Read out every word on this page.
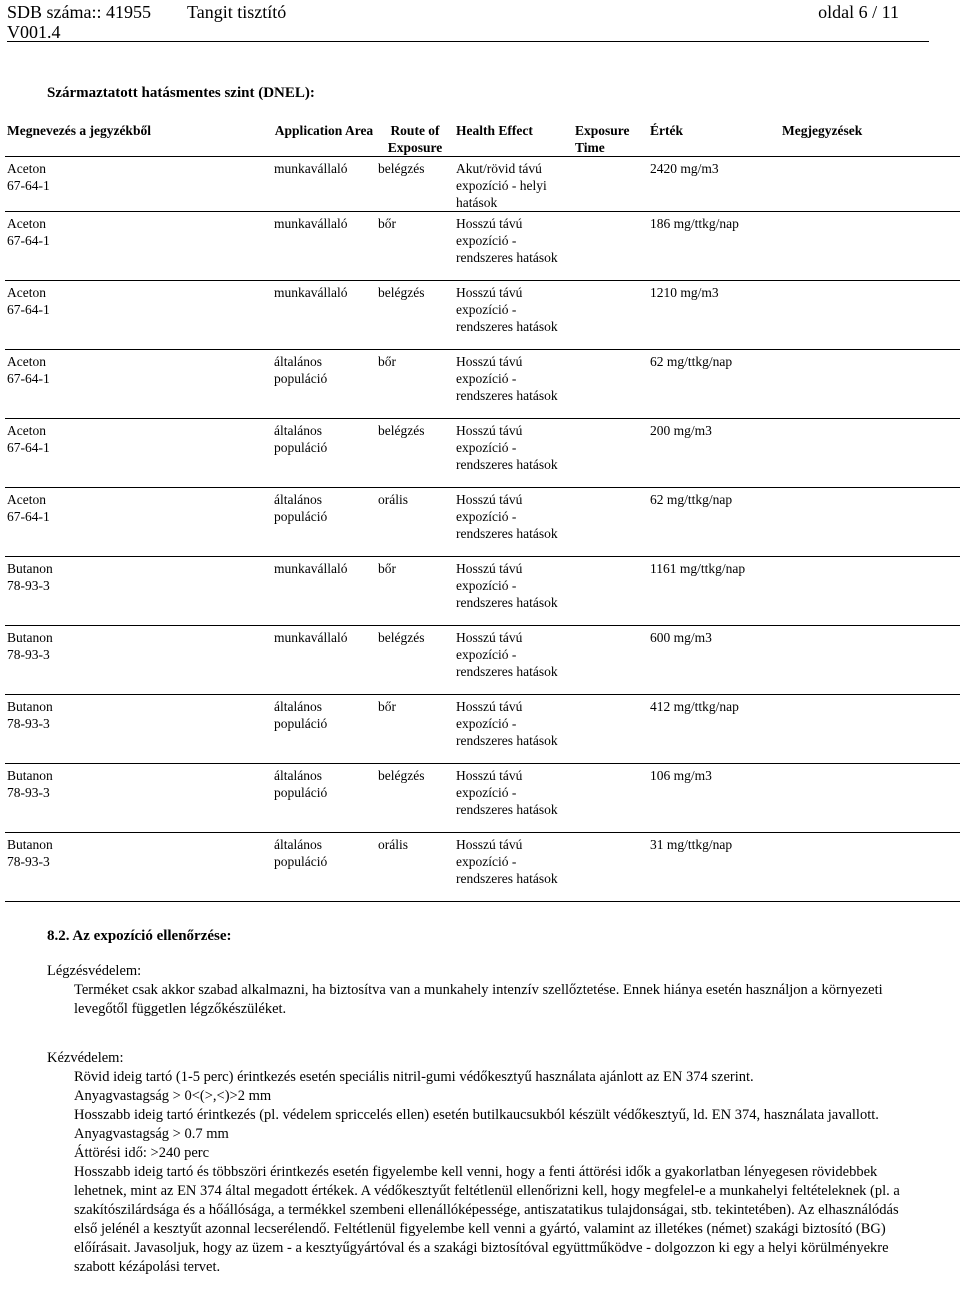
SDB száma:: 41955 Tangit tisztító	oldal 6 / 11
V001.4
Származtatott hatásmentes szint (DNEL):
Megnevezés a jegyzékből	Application Area	Route of Exposure	Health Effect	Exposure Time	Érték	Megjegyzések

Aceton
67-64-1	munkavállaló	belégzés	Akut/rövid távú expozíció - helyi hatások		2420 mg/m3	

Aceton
67-64-1	munkavállaló	bőr	Hosszú távú expozíció - rendszeres hatások		186 mg/ttkg/nap	

Aceton
67-64-1	munkavállaló	belégzés	Hosszú távú expozíció - rendszeres hatások		1210 mg/m3	

Aceton
67-64-1	általános populáció	bőr	Hosszú távú expozíció - rendszeres hatások		62 mg/ttkg/nap	

Aceton
67-64-1	általános populáció	belégzés	Hosszú távú expozíció - rendszeres hatások		200 mg/m3	

Aceton
67-64-1	általános populáció	orális	Hosszú távú expozíció - rendszeres hatások		62 mg/ttkg/nap	

Butanon
78-93-3	munkavállaló	bőr	Hosszú távú expozíció - rendszeres hatások		1161 mg/ttkg/nap	

Butanon
78-93-3	munkavállaló	belégzés	Hosszú távú expozíció - rendszeres hatások		600 mg/m3	

Butanon
78-93-3	általános populáció	bőr	Hosszú távú expozíció - rendszeres hatások		412 mg/ttkg/nap	

Butanon
78-93-3	általános populáció	belégzés	Hosszú távú expozíció - rendszeres hatások		106 mg/m3	

Butanon
78-93-3	általános populáció	orális	Hosszú távú expozíció - rendszeres hatások		31 mg/ttkg/nap	
8.2. Az expozíció ellenőrzése:

Légzésvédelem:

Terméket csak akkor szabad alkalmazni, ha biztosítva van a munkahely intenzív szellőztetése. Ennek hiánya esetén használjon a környezeti levegőtől független légzőkészüléket.

Kézvédelem:

Rövid ideig tartó (1-5 perc) érintkezés esetén speciális nitril-gumi védőkesztyű használata ajánlott az EN 374 szerint.

Anyagvastagság > 0<(>,<)>2 mm

Hosszabb ideig tartó érintkezés (pl. védelem spriccelés ellen) esetén butilkaucsukból készült védőkesztyű, ld. EN 374, használata javallott.

Anyagvastagság > 0.7 mm

Áttörési idő: >240 perc

Hosszabb ideig tartó és többszöri érintkezés esetén figyelembe kell venni, hogy a fenti áttörési idők a gyakorlatban lényegesen rövidebbek lehetnek, mint az EN 374 által megadott értékek. A védőkesztyűt feltétlenül ellenőrizni kell, hogy megfelel-e a munkahelyi feltételeknek (pl. a szakítószilárdsága és a hőállósága, a termékkel szembeni ellenállóképessége, antiszatatikus tulajdonságai, stb. tekintetében). Az elhasználódás első jelénél a kesztyűt azonnal lecserélendő. Feltétlenül figyelembe kell venni a gyártó, valamint az illetékes (német) szakági biztosító (BG) előírásait. Javasoljuk, hogy az üzem - a kesztyűgyártóval és a szakági biztosítóval együttműködve - dolgozzon ki egy a helyi körülményekre szabott kézápolási tervet.
